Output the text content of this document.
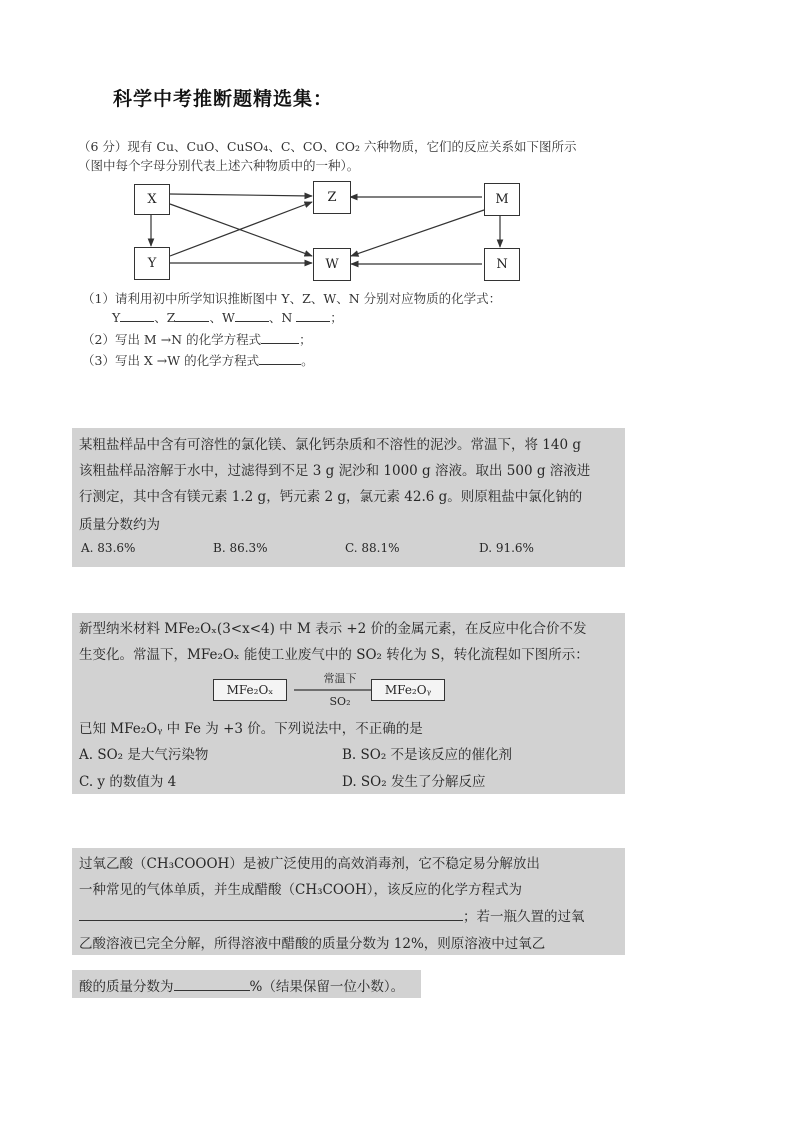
科学中考推断题精选集：
（6 分）现有 Cu、CuO、CuSO₄、C、CO、CO₂ 六种物质，它们的反应关系如下图所示
（图中每个字母分别代表上述六种物质中的一种）。
X	Z	M
Y	W	N
（1）请利用初中所学知识推断图中 Y、Z、W、N 分别对应物质的化学式：
Y	、Z	、W	、N	；
（2）写出 M →N 的化学方程式	；
（3）写出 X →W 的化学方程式	。
某粗盐样品中含有可溶性的氯化镁、氯化钙杂质和不溶性的泥沙。常温下，将 140 g
该粗盐样品溶解于水中，过滤得到不足 3 g 泥沙和 1000 g 溶液。取出 500 g 溶液进
行测定，其中含有镁元素 1.2 g，钙元素 2 g，氯元素 42.6 g。则原粗盐中氯化钠的
质量分数约为
A. 83.6%	B. 86.3%	C. 88.1%	D. 91.6%
新型纳米材料 MFe₂Oₓ(3<x<4) 中 M 表示 +2 价的金属元素，在反应中化合价不发
生变化。常温下，MFe₂Oₓ 能使工业废气中的 SO₂ 转化为 S，转化流程如下图所示：
MFe₂Oₓ
常温下
SO₂
MFe₂Oᵧ
已知 MFe₂Oᵧ 中 Fe 为 +3 价。下列说法中，不正确的是
A. SO₂ 是大气污染物	B. SO₂ 不是该反应的催化剂
C. y 的数值为 4	D. SO₂ 发生了分解反应
过氧乙酸（CH₃COOOH）是被广泛使用的高效消毒剂，它不稳定易分解放出
一种常见的气体单质，并生成醋酸（CH₃COOH），该反应的化学方程式为
；若一瓶久置的过氧
乙酸溶液已完全分解，所得溶液中醋酸的质量分数为 12%，则原溶液中过氧乙
酸的质量分数为	%（结果保留一位小数）。
